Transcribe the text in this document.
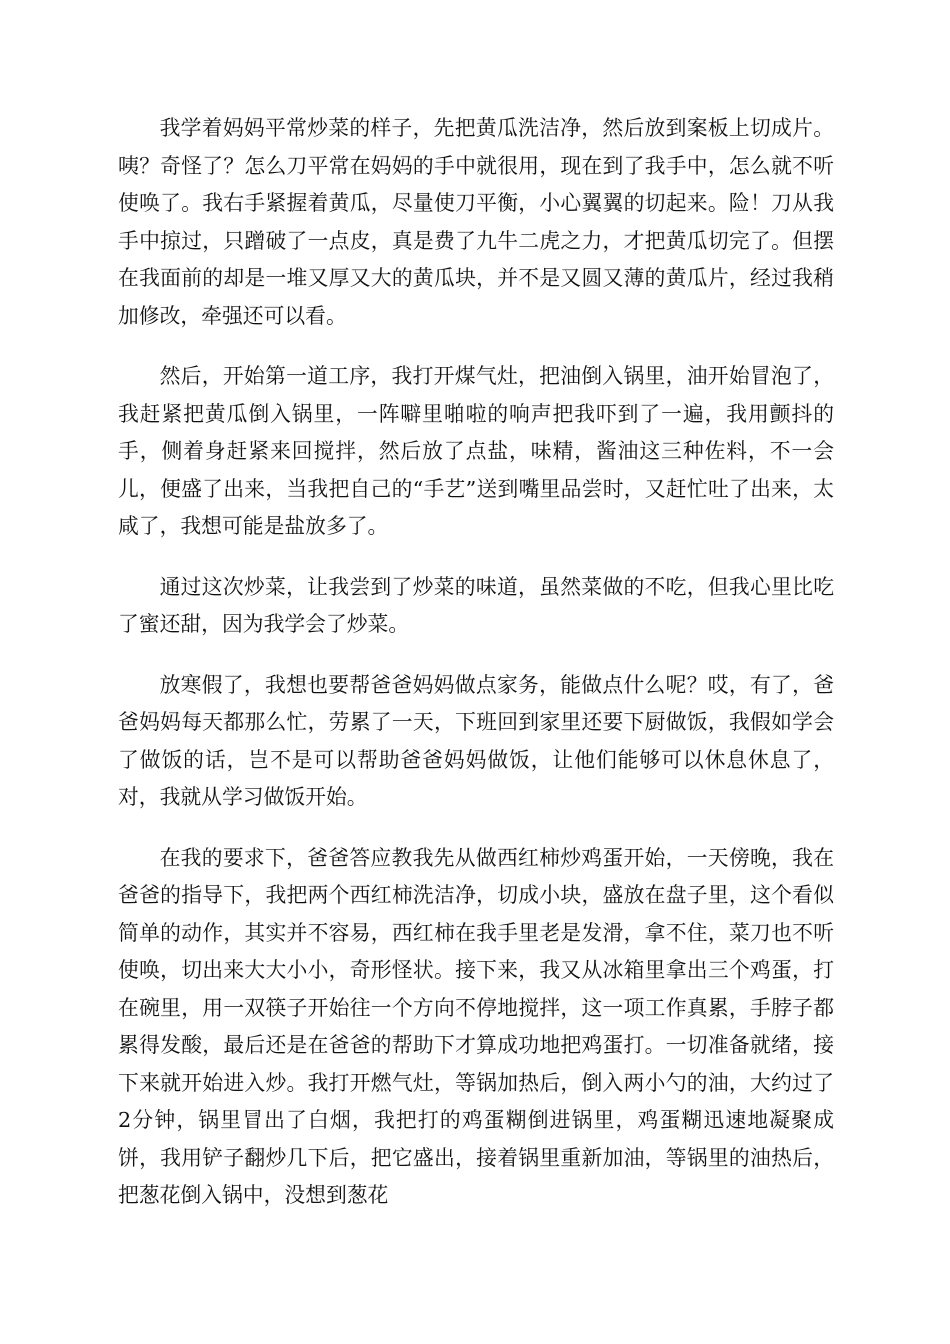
我学着妈妈平常炒菜的样子，先把黄瓜洗洁净，然后放到案板上切成片。咦？奇怪了？怎么刀平常在妈妈的手中就很用，现在到了我手中，怎么就不听使唤了。我右手紧握着黄瓜，尽量使刀平衡，小心翼翼的切起来。险！刀从我手中掠过，只蹭破了一点皮，真是费了九牛二虎之力，才把黄瓜切完了。但摆在我面前的却是一堆又厚又大的黄瓜块，并不是又圆又薄的黄瓜片，经过我稍加修改，牵强还可以看。

然后，开始第一道工序，我打开煤气灶，把油倒入锅里，油开始冒泡了，我赶紧把黄瓜倒入锅里，一阵噼里啪啦的响声把我吓到了一遍，我用颤抖的手，侧着身赶紧来回搅拌，然后放了点盐，味精，酱油这三种佐料，不一会儿，便盛了出来，当我把自己的“手艺”送到嘴里品尝时，又赶忙吐了出来，太咸了，我想可能是盐放多了。

通过这次炒菜，让我尝到了炒菜的味道，虽然菜做的不吃，但我心里比吃了蜜还甜，因为我学会了炒菜。

放寒假了，我想也要帮爸爸妈妈做点家务，能做点什么呢？哎，有了，爸爸妈妈每天都那么忙，劳累了一天，下班回到家里还要下厨做饭，我假如学会了做饭的话，岂不是可以帮助爸爸妈妈做饭，让他们能够可以休息休息了，对，我就从学习做饭开始。

在我的要求下，爸爸答应教我先从做西红柿炒鸡蛋开始，一天傍晚，我在爸爸的指导下，我把两个西红柿洗洁净，切成小块，盛放在盘子里，这个看似简单的动作，其实并不容易，西红柿在我手里老是发滑，拿不住，菜刀也不听使唤，切出来大大小小，奇形怪状。接下来，我又从冰箱里拿出三个鸡蛋，打在碗里，用一双筷子开始往一个方向不停地搅拌，这一项工作真累，手脖子都累得发酸，最后还是在爸爸的帮助下才算成功地把鸡蛋打。一切准备就绪，接下来就开始进入炒。我打开燃气灶，等锅加热后，倒入两小勺的油，大约过了2分钟，锅里冒出了白烟，我把打的鸡蛋糊倒进锅里，鸡蛋糊迅速地凝聚成饼，我用铲子翻炒几下后，把它盛出，接着锅里重新加油，等锅里的油热后，把葱花倒入锅中，没想到葱花
